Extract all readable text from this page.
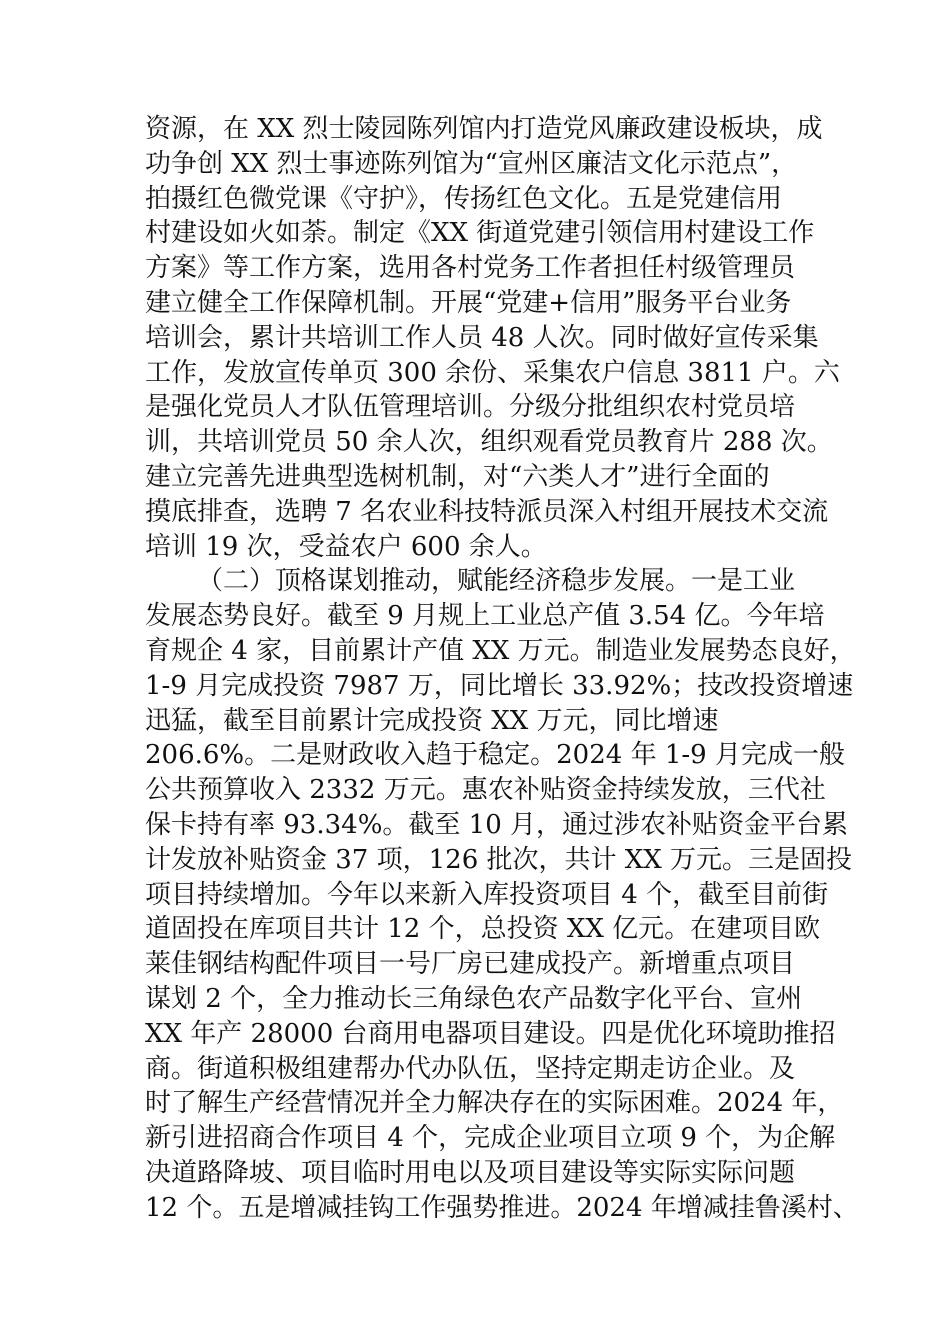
资源，在 XX 烈士陵园陈列馆内打造党风廉政建设板块，成
功争创 XX 烈士事迹陈列馆为“宣州区廉洁文化示范点”，
拍摄红色微党课《守护》，传扬红色文化。五是党建信用
村建设如火如荼。制定《XX 街道党建引领信用村建设工作
方案》等工作方案，选用各村党务工作者担任村级管理员
建立健全工作保障机制。开展“党建+信用”服务平台业务
培训会，累计共培训工作人员 48 人次。同时做好宣传采集
工作，发放宣传单页 300 余份、采集农户信息 3811 户。六
是强化党员人才队伍管理培训。分级分批组织农村党员培
训，共培训党员 50 余人次，组织观看党员教育片 288 次。
建立完善先进典型选树机制，对“六类人才”进行全面的
摸底排查，选聘 7 名农业科技特派员深入村组开展技术交流
培训 19 次，受益农户 600 余人。
（二）顶格谋划推动，赋能经济稳步发展。一是工业
发展态势良好。截至 9 月规上工业总产值 3.54 亿。今年培
育规企 4 家，目前累计产值 XX 万元。制造业发展势态良好，
1-9 月完成投资 7987 万，同比增长 33.92%；技改投资增速
迅猛，截至目前累计完成投资 XX 万元，同比增速
206.6%。二是财政收入趋于稳定。2024 年 1-9 月完成一般
公共预算收入 2332 万元。惠农补贴资金持续发放，三代社
保卡持有率 93.34%。截至 10 月，通过涉农补贴资金平台累
计发放补贴资金 37 项，126 批次，共计 XX 万元。三是固投
项目持续增加。今年以来新入库投资项目 4 个，截至目前街
道固投在库项目共计 12 个，总投资 XX 亿元。在建项目欧
莱佳钢结构配件项目一号厂房已建成投产。新增重点项目
谋划 2 个，全力推动长三角绿色农产品数字化平台、宣州
XX 年产 28000 台商用电器项目建设。四是优化环境助推招
商。街道积极组建帮办代办队伍，坚持定期走访企业。及
时了解生产经营情况并全力解决存在的实际困难。2024 年，
新引进招商合作项目 4 个，完成企业项目立项 9 个，为企解
决道路降坡、项目临时用电以及项目建设等实际实际问题
12 个。五是增减挂钩工作强势推进。2024 年增减挂鲁溪村、
